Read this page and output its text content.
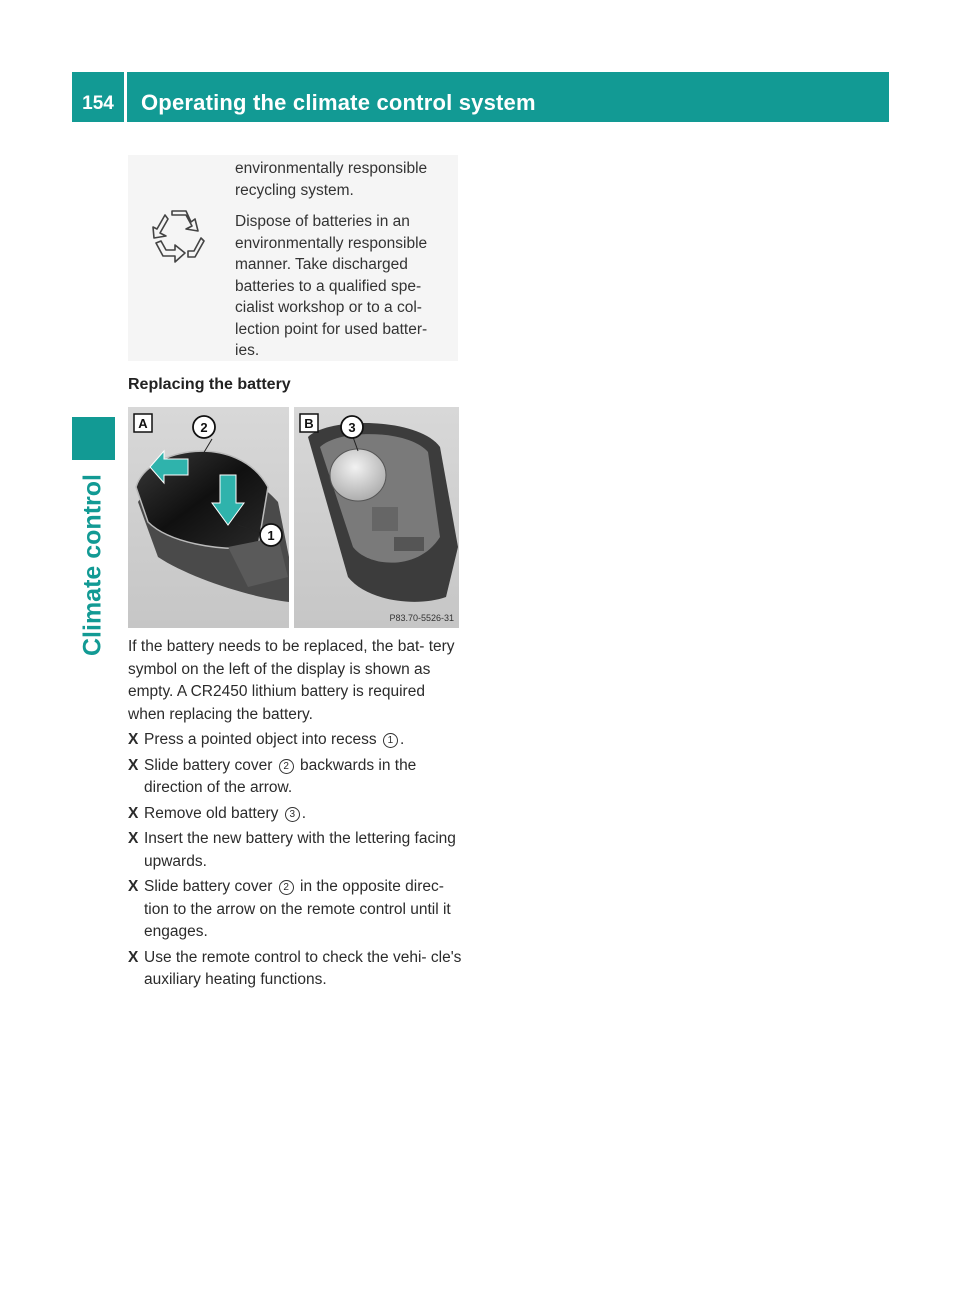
154	Operating the climate control system
Climate control

environmentally responsible recycling system.

Dispose of batteries in an environmentally responsible manner. Take discharged batteries to a qualified spe- cialist workshop or to a col- lection point for used batter- ies.

Replacing the battery
A	B
2
1
3
P83.70-5526-31

If the battery needs to be replaced, the bat- tery symbol on the left of the display is shown as empty. A CR2450 lithium battery is required when replacing the battery.

X Press a pointed object into recess 1 .
X Slide battery cover 2 backwards in the direction of the arrow.
X Remove old battery 3 .
X Insert the new battery with the lettering facing upwards.
X Slide battery cover 2 in the opposite direc- tion to the arrow on the remote control until it engages.
X Use the remote control to check the vehi- cle's auxiliary heating functions.
